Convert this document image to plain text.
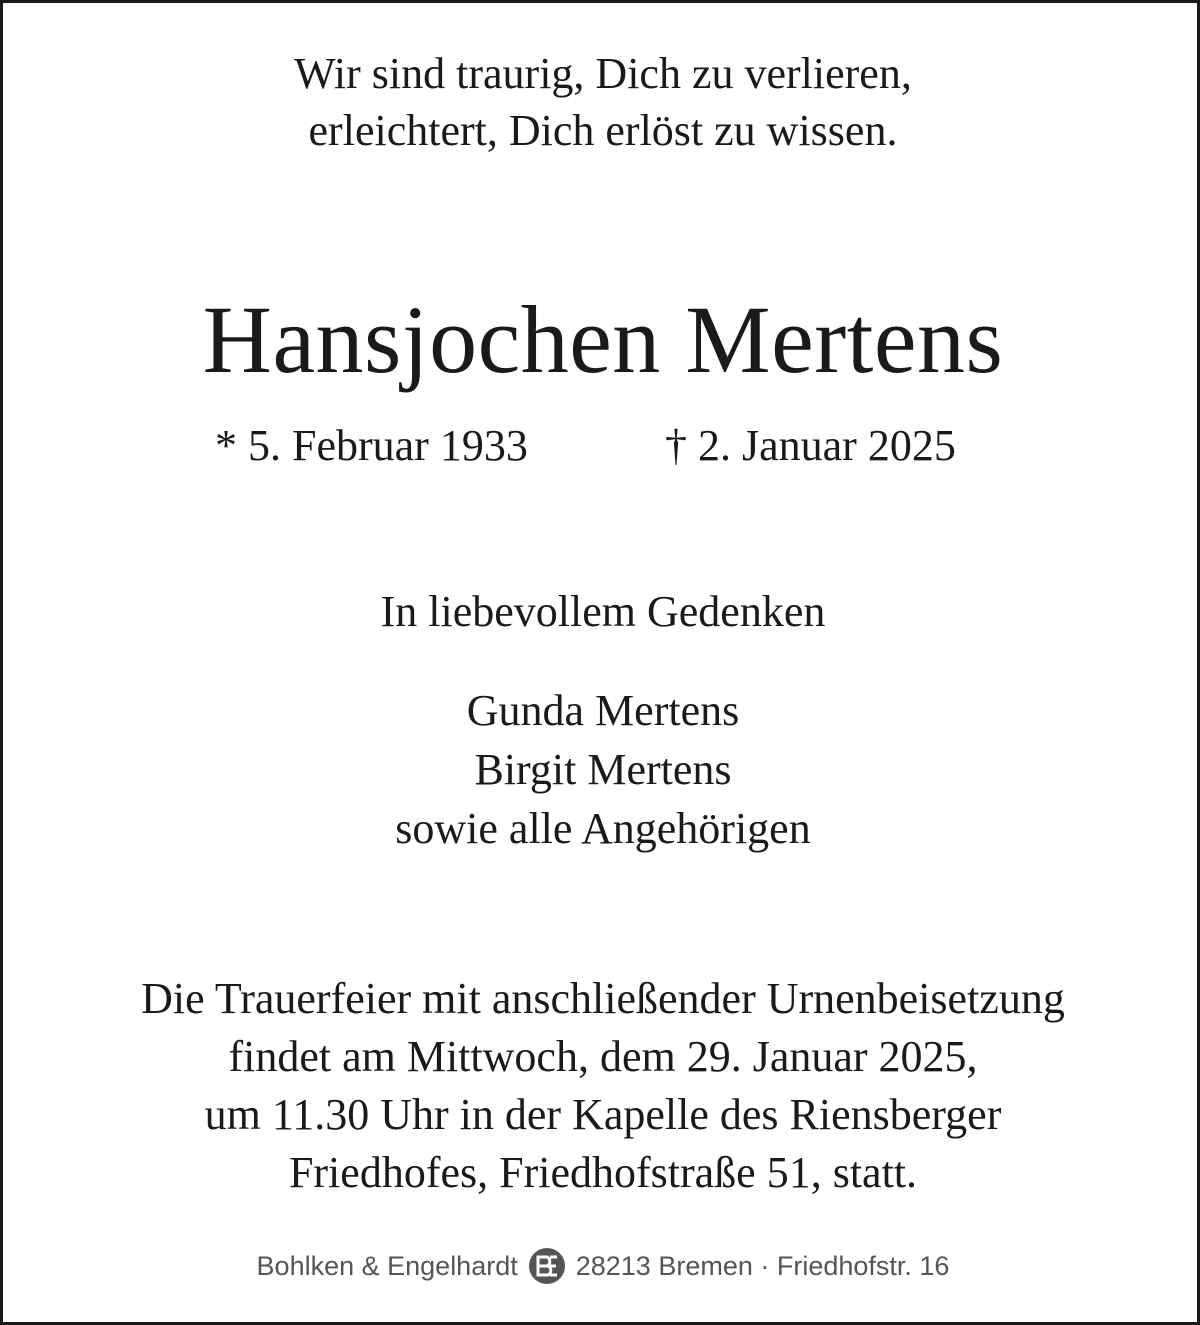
Wir sind traurig, Dich zu verlieren,
erleichtert, Dich erlöst zu wissen.
Hansjochen Mertens
* 5. Februar 1933	† 2. Januar 2025
In liebevollem Gedenken
Gunda Mertens
Birgit Mertens
sowie alle Angehörigen
Die Trauerfeier mit anschließender Urnenbeisetzung
findet am Mittwoch, dem 29. Januar 2025,
um 11.30 Uhr in der Kapelle des Riensberger
Friedhofes, Friedhofstraße 51, statt.
Bohlken & Engelhardt 28213 Bremen · Friedhofstr. 16
